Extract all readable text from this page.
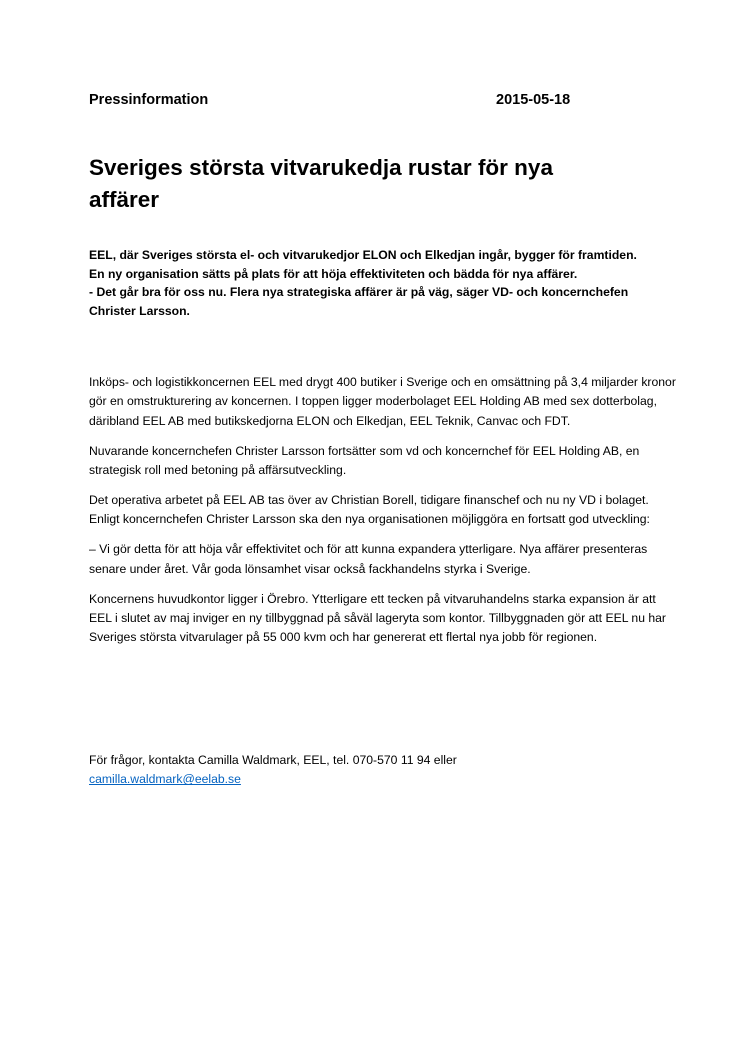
Pressinformation	2015-05-18
Sveriges största vitvarukedja rustar för nya affärer

EEL, där Sveriges största el- och vitvarukedjor ELON och Elkedjan ingår, bygger för framtiden.

En ny organisation sätts på plats för att höja effektiviteten och bädda för nya affärer.

- Det går bra för oss nu. Flera nya strategiska affärer är på väg, säger VD- och koncernchefen Christer Larsson.

Inköps- och logistikkoncernen EEL med drygt 400 butiker i Sverige och en omsättning på 3,4 miljarder kronor gör en omstrukturering av koncernen. I toppen ligger moderbolaget EEL Holding AB med sex dotterbolag, däribland EEL AB med butikskedjorna ELON och Elkedjan, EEL Teknik, Canvac och FDT.

Nuvarande koncernchefen Christer Larsson fortsätter som vd och koncernchef för EEL Holding AB, en strategisk roll med betoning på affärsutveckling.

Det operativa arbetet på EEL AB tas över av Christian Borell, tidigare finanschef och nu ny VD i bolaget. Enligt koncernchefen Christer Larsson ska den nya organisationen möjliggöra en fortsatt god utveckling:

– Vi gör detta för att höja vår effektivitet och för att kunna expandera ytterligare. Nya affärer presenteras senare under året. Vår goda lönsamhet visar också fackhandelns styrka i Sverige.

Koncernens huvudkontor ligger i Örebro. Ytterligare ett tecken på vitvaruhandelns starka expansion är att EEL i slutet av maj inviger en ny tillbyggnad på såväl lageryta som kontor. Tillbyggnaden gör att EEL nu har Sveriges största vitvarulager på 55 000 kvm och har genererat ett flertal nya jobb för regionen.

För frågor, kontakta Camilla Waldmark, EEL, tel. 070-570 11 94 eller

camilla.waldmark@eelab.se
